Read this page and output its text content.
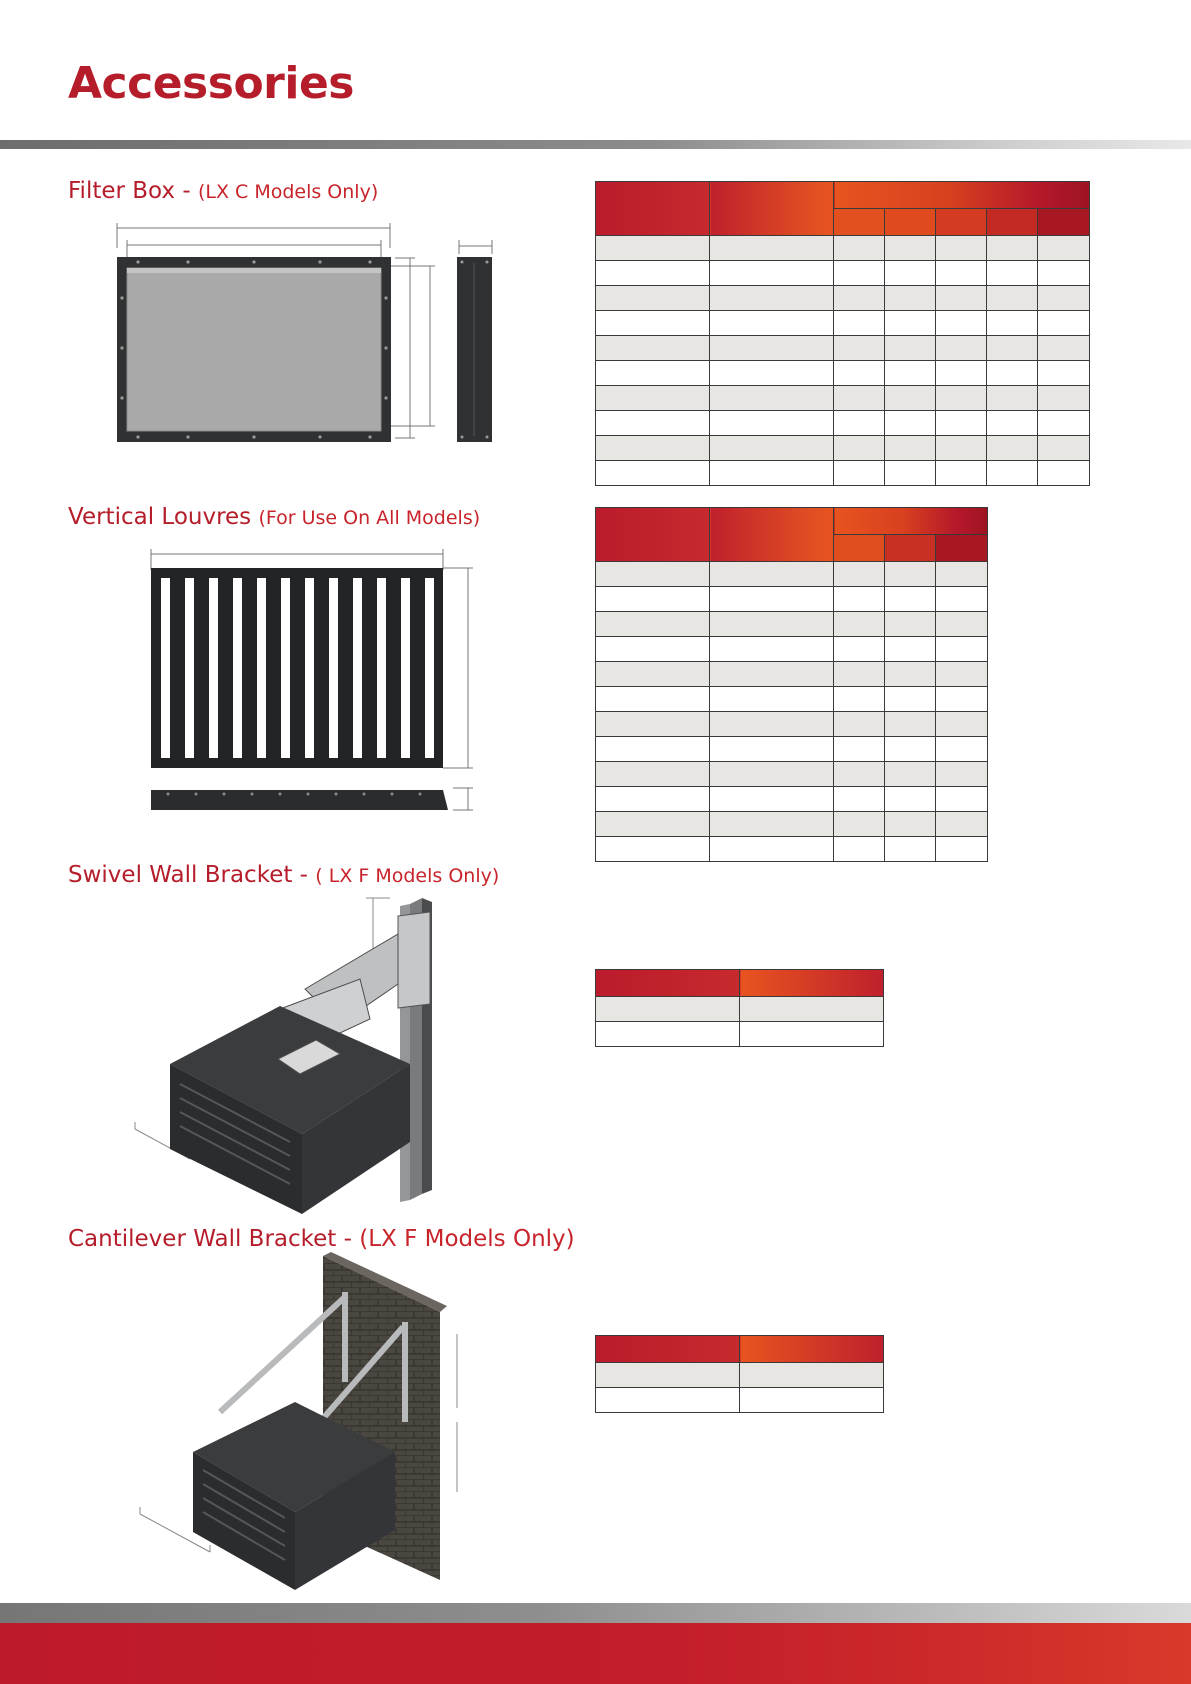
Accessories
Filter Box - (LX C Models Only)

Vertical Louvres (For Use On All Models)

Swivel Wall Bracket - ( LX F Models Only)

Cantilever Wall Bracket - (LX F Models Only)
